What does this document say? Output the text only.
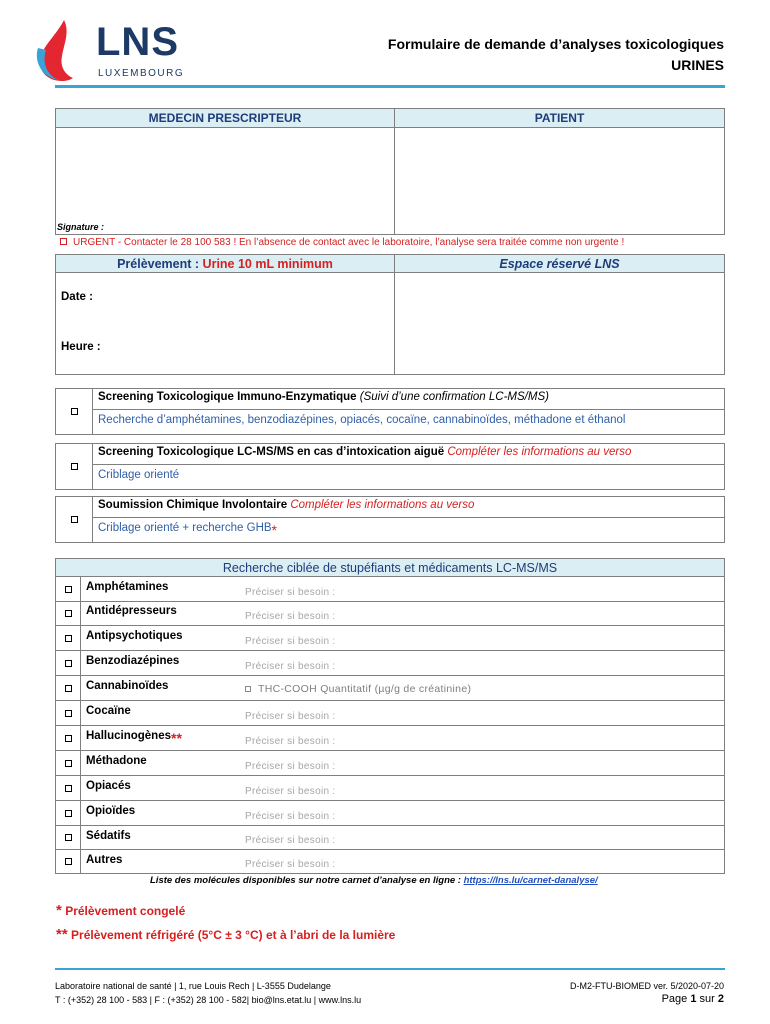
LNS
LUXEMBOURG
Formulaire de demande d’analyses toxicologiques
URINES
MEDECIN PRESCRIPTEUR	PATIENT
Signature :
URGENT - Contacter le 28 100 583 ! En l’absence de contact avec le laboratoire, l’analyse sera traitée comme non urgente !
Prélèvement : Urine 10 mL minimum	Espace réservé LNS
Date :
Heure :
Screening Toxicologique Immuno-Enzymatique (Suivi d’une confirmation LC-MS/MS)
Recherche d’amphétamines, benzodiazépines, opiacés, cocaïne, cannabinoïdes, méthadone et éthanol
Screening Toxicologique LC-MS/MS en cas d’intoxication aiguë Compléter les informations au verso
Criblage orienté
Soumission Chimique Involontaire Compléter les informations au verso
Criblage orienté + recherche GHB*
Recherche ciblée de stupéfiants et médicaments LC-MS/MS
Amphétamines	Préciser si besoin :
Antidépresseurs	Préciser si besoin :
Antipsychotiques	Préciser si besoin :
Benzodiazépines	Préciser si besoin :
Cannabinoïdes	THC-COOH Quantitatif (µg/g de créatinine)
Cocaïne	Préciser si besoin :
Hallucinogènes**	Préciser si besoin :
Méthadone	Préciser si besoin :
Opiacés	Préciser si besoin :
Opioïdes	Préciser si besoin :
Sédatifs	Préciser si besoin :
Autres	Préciser si besoin :
Liste des molécules disponibles sur notre carnet d’analyse en ligne : https://lns.lu/carnet-danalyse/
* Prélèvement congelé
** Prélèvement réfrigéré (5°C ± 3 °C) et à l’abri de la lumière
Laboratoire national de santé | 1, rue Louis Rech | L-3555 Dudelange
T : (+352) 28 100 - 583 | F : (+352) 28 100 - 582| bio@lns.etat.lu | www.lns.lu
D-M2-FTU-BIOMED ver. 5/2020-07-20
Page 1 sur 2
